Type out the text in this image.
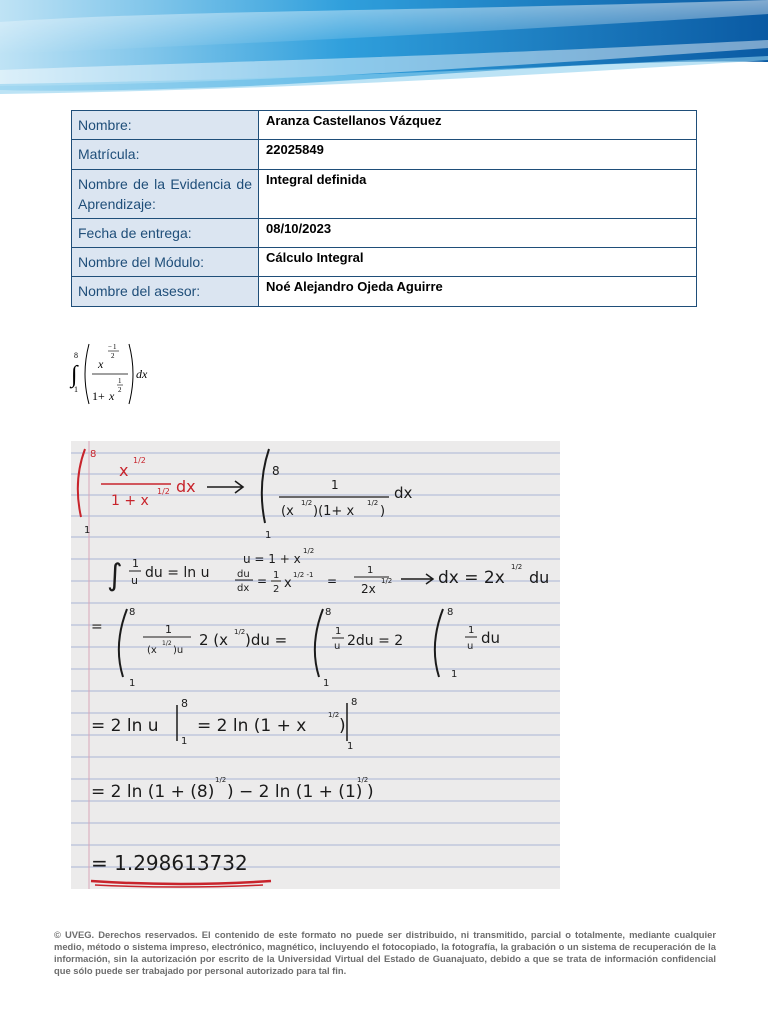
Nombre:	Aranza Castellanos Vázquez
Matrícula:	22025849
Nombre de la Evidencia de Aprendizaje:	Integral definida
Fecha de entrega:	08/10/2023
Nombre del Módulo:	Cálculo Integral
Nombre del asesor:	Noé Alejandro Ojeda Aguirre
8
∫
1
x
− 1
2
1+ x
1
2
dx
8
1
x
1/2
1 + x
1/2 dx
8
1
1
(x
1/2
)(1+ x
1/2
)
dx
∫ 1
u du = ln u
u = 1 + x
1/2
du
dx
= 1
2 x
1/2 -1 =
1
2x
1/2	dx = 2x
1/2
du
=
8
1
1
(x
1/2
)u
2 (x 1/2 )du =
8
1
1
u 2du = 2
8
1
1
u du
= 2 ln u
8
1
= 2 ln (1 + x
1/2
)
8
1
= 2 ln (1 + (8)
1/2
) − 2 ln (1 + (1)
1/2
)
= 1.298613732

© UVEG. Derechos reservados. El contenido de este formato no puede ser distribuido, ni transmitido, parcial o totalmente, mediante cualquier medio, método o sistema impreso, electrónico, magnético, incluyendo el fotocopiado, la fotografía, la grabación o un sistema de recuperación de la información, sin la autorización por escrito de la Universidad Virtual del Estado de Guanajuato, debido a que se trata de información confidencial que sólo puede ser trabajado por personal autorizado para tal fin.
